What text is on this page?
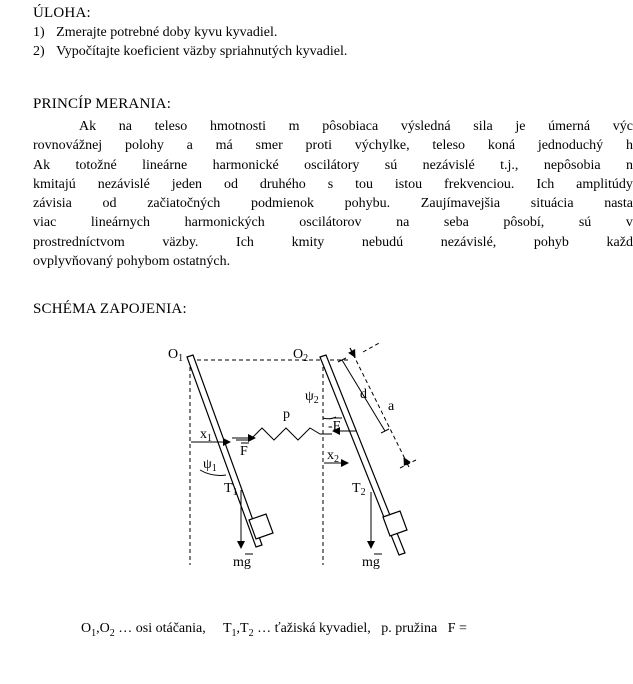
ÚLOHA:
1) Zmerajte potrebné doby kyvu kyvadiel.
2) Vypočítajte koeficient väzby spriahnutých kyvadiel.
PRINCÍP MERANIA:
Ak na teleso hmotnosti m pôsobiaca výsledná sila je úmerná výc
rovnovážnej polohy a má smer proti výchylke, teleso koná jednoduchý h
Ak totožné lineárne harmonické oscilátory sú nezávislé t.j., nepôsobia n
kmitajú nezávislé jeden od druhého s tou istou frekvenciou. Ich amplitúdy
závisia od začiatočných podmienok pohybu. Zaujímavejšia situácia nasta
viac lineárnych harmonických oscilátorov na seba pôsobí, sú v
prostredníctvom	väzby.	Ich	kmity	nebudú	nezávislé,	pohyb	každ
ovplyvňovaný pohybom ostatných.
SCHÉMA ZAPOJENIA:
$O_1$	$O_2$
$\psi_1$
$\psi_2$
$x_1$
$x_2$
$T_1$	$T_2$
p
d
a
F
-F
mg	mg
$O_1,O_2$ … osi otáčania,     $T_1,T_2$ … ťažiská kyvadiel,   p. pružina   F =
